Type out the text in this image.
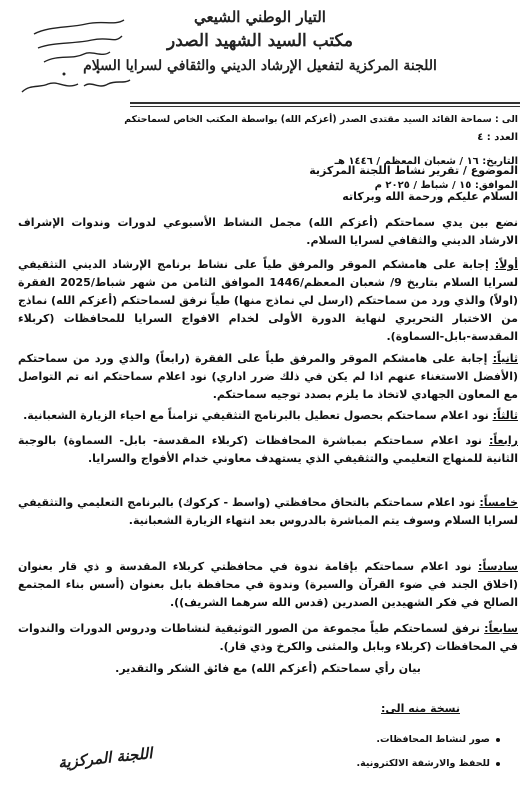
التيار الوطني الشيعي
مكتب السيد الشهيد الصدر
اللجنة المركزية لتفعيل الإرشاد الديني والثقافي لسرايا السلام
الى : سماحة القائد السيد مقتدى الصدر (أعزكم الله) بواسطة المكتب الخاص لسماحتكم
العدد : ٤
التاريخ: ١٦ / شعبان المعظم / ١٤٤٦ هـ
الموافق: ١٥ / شباط / ٢٠٢٥ م
الموضوع / تقرير نشاط اللجنة المركزية
السلام عليكم ورحمة الله وبركاته
نضع بين يدي سماحتكم (أعزكم الله) مجمل النشاط الأسبوعي لدورات وندوات الإشراف الارشاد الديني والثقافي لسرايا السلام.
أولاً: إجابة على هامشكم الموقر والمرفق طياً على نشاط برنامج الإرشاد الديني التثقيفي لسرايا السلام بتاريخ 9/ شعبان المعظم/1446 الموافق الثامن من شهر شباط/2025 الفقرة (اولاً) والذي ورد من سماحتكم (ارسل لي نماذج منها) طياً نرفق لسماحتكم (أعزكم الله) نماذج من الاختبار التحريري لنهاية الدورة الأولى لخدام الافواج السرايا للمحافظات (كربلاء المقدسة-بابل-السماوة).
ثانياً: إجابة على هامشكم الموقر والمرفق طياً على الفقرة (رابعاً) والذي ورد من سماحتكم (الأفضل الاستغناء عنهم اذا لم يكن في ذلك ضرر اداري) نود اعلام سماحتكم انه تم التواصل مع المعاون الجهادي لاتخاذ ما يلزم بصدد توجيه سماحتكم.
ثالثاً: نود اعلام سماحتكم بحصول تعطيل بالبرنامج التثقيفي تزامناً مع احياء الزيارة الشعبانية.
رابعاً: نود اعلام سماحتكم بمباشرة المحافظات (كربلاء المقدسة- بابل- السماوة) بالوجبة الثانية للمنهاج التعليمي والتثقيفي الذي يستهدف معاوني خدام الأفواج والسرايا.
خامساً: نود اعلام سماحتكم بالتحاق محافظتي (واسط - كركوك) بالبرنامج التعليمي والتثقيفي لسرايا السلام وسوف يتم المباشرة بالدروس بعد انتهاء الزيارة الشعبانية.
سادساً: نود اعلام سماحتكم بإقامة ندوة في محافظتي كربلاء المقدسة و ذي قار بعنوان (اخلاق الجند في ضوء القرآن والسيرة) وندوة في محافظة بابل بعنوان (أسس بناء المجتمع الصالح في فكر الشهيدين الصدرين (قدس الله سرهما الشريف)).
سابعاً: نرفق لسماحتكم طياً مجموعة من الصور التوثيقية لنشاطات ودروس الدورات والندوات في المحافظات (كربلاء وبابل والمثنى والكرخ وذي قار).
بيان رأي سماحتكم (أعزكم الله) مع فائق الشكر والتقدير.
نسخة منه الى:
صور لنشاط المحافظات.
للحفظ والارشفة الالكترونية.
اللجنة المركزية
